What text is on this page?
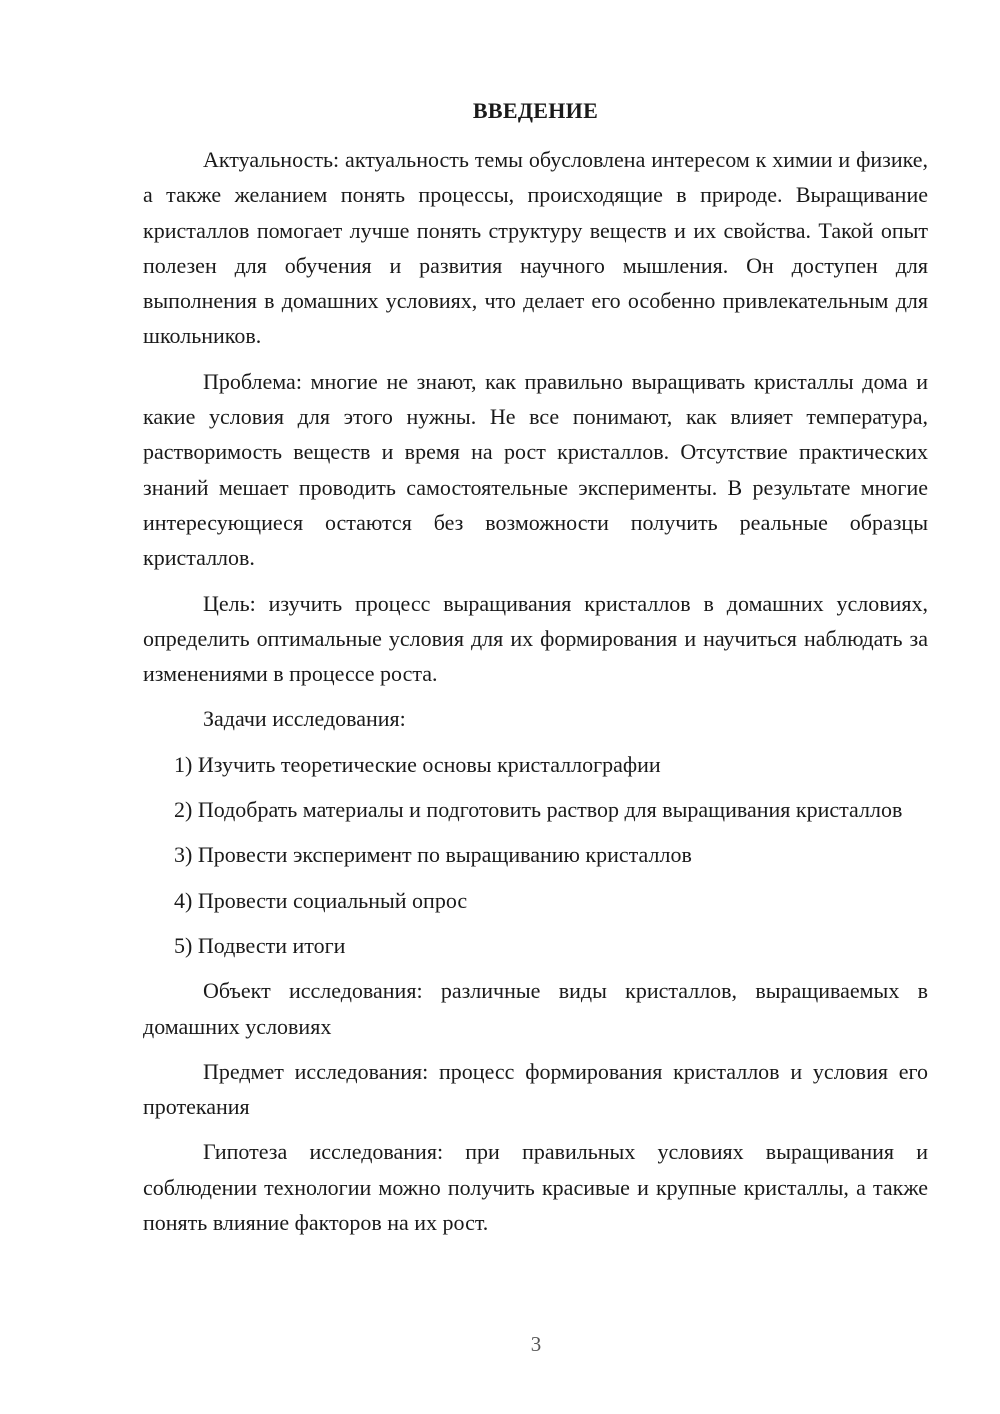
ВВЕДЕНИЕ

Актуальность: актуальность темы обусловлена интересом к химии и физике, а также желанием понять процессы, происходящие в природе. Выращивание кристаллов помогает лучше понять структуру веществ и их свойства. Такой опыт полезен для обучения и развития научного мышления. Он доступен для выполнения в домашних условиях, что делает его особенно привлекательным для школьников.

Проблема: многие не знают, как правильно выращивать кристаллы дома и какие условия для этого нужны. Не все понимают, как влияет температура, растворимость веществ и время на рост кристаллов. Отсутствие практических знаний мешает проводить самостоятельные эксперименты. В результате многие интересующиеся остаются без возможности получить реальные образцы кристаллов.

Цель: изучить процесс выращивания кристаллов в домашних условиях, определить оптимальные условия для их формирования и научиться наблюдать за изменениями в процессе роста.

Задачи исследования:

1) Изучить теоретические основы кристаллографии

2) Подобрать материалы и подготовить раствор для выращивания кристаллов

3) Провести эксперимент по выращиванию кристаллов

4) Провести социальный опрос

5) Подвести итоги

Объект исследования: различные виды кристаллов, выращиваемых в домашних условиях

Предмет исследования: процесс формирования кристаллов и условия его протекания

Гипотеза исследования: при правильных условиях выращивания и соблюдении технологии можно получить красивые и крупные кристаллы, а также понять влияние факторов на их рост.

3
